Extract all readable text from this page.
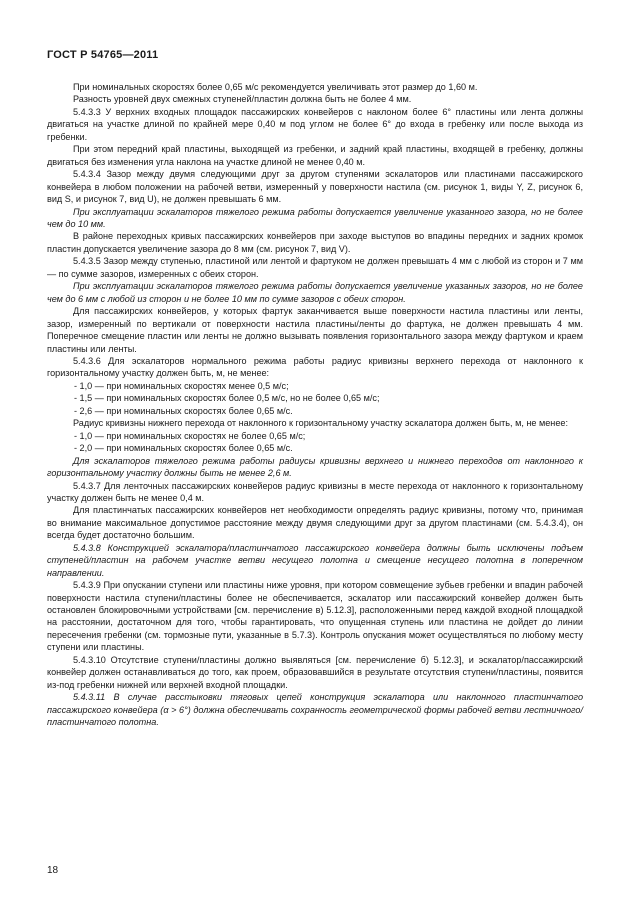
ГОСТ Р 54765—2011

При номинальных скоростях более 0,65 м/с рекомендуется увеличивать этот размер до 1,60 м.

Разность уровней двух смежных ступеней/пластин должна быть не более 4 мм.

5.4.3.3 У верхних входных площадок пассажирских конвейеров с наклоном более 6° пластины или лента должны двигаться на участке длиной по крайней мере 0,40 м под углом не более 6° до входа в гребенку или после выхода из гребенки.

При этом передний край пластины, выходящей из гребенки, и задний край пластины, входящей в гребенку, должны двигаться без изменения угла наклона на участке длиной не менее 0,40 м.

5.4.3.4 Зазор между двумя следующими друг за другом ступенями эскалаторов или пластинами пассажирского конвейера в любом положении на рабочей ветви, измеренный у поверхности настила (см. рисунок 1, виды Y, Z, рисунок 6, вид S, и рисунок 7, вид U), не должен превышать 6 мм.

При эксплуатации эскалаторов тяжелого режима работы допускается увеличение указанного зазора, но не более чем до 10 мм.

В районе переходных кривых пассажирских конвейеров при заходе выступов во впадины передних и задних кромок пластин допускается увеличение зазора до 8 мм (см. рисунок 7, вид V).

5.4.3.5 Зазор между ступенью, пластиной или лентой и фартуком не должен превышать 4 мм с любой из сторон и 7 мм — по сумме зазоров, измеренных с обеих сторон.

При эксплуатации эскалаторов тяжелого режима работы допускается увеличение указанных зазоров, но не более чем до 6 мм с любой из сторон и не более 10 мм по сумме зазоров с обеих сторон.

Для пассажирских конвейеров, у которых фартук заканчивается выше поверхности настила пластины или ленты, зазор, измеренный по вертикали от поверхности настила пластины/ленты до фартука, не должен превышать 4 мм. Поперечное смещение пластин или ленты не должно вызывать появления горизонтального зазора между фартуком и краем пластины или ленты.

5.4.3.6 Для эскалаторов нормального режима работы радиус кривизны верхнего перехода от наклонного к горизонтальному участку должен быть, м, не менее:

- 1,0 — при номинальных скоростях менее 0,5 м/с;

- 1,5 — при номинальных скоростях более 0,5 м/с, но не более 0,65 м/с;

- 2,6 — при номинальных скоростях более 0,65 м/с.

Радиус кривизны нижнего перехода от наклонного к горизонтальному участку эскалатора должен быть, м, не менее:

- 1,0 — при номинальных скоростях не более 0,65 м/с;

- 2,0 — при номинальных скоростях более 0,65 м/с.

Для эскалаторов тяжелого режима работы радиусы кривизны верхнего и нижнего переходов от наклонного к горизонтальному участку должны быть не менее 2,6 м.

5.4.3.7 Для ленточных пассажирских конвейеров радиус кривизны в месте перехода от наклонного к горизонтальному участку должен быть не менее 0,4 м.

Для пластинчатых пассажирских конвейеров нет необходимости определять радиус кривизны, потому что, принимая во внимание максимальное допустимое расстояние между двумя следующими друг за другом пластинами (см. 5.4.3.4), он всегда будет достаточно большим.

5.4.3.8 Конструкцией эскалатора/пластинчатого пассажирского конвейера должны быть исключены подъем ступеней/пластин на рабочем участке ветви несущего полотна и смещение несущего полотна в поперечном направлении.

5.4.3.9 При опускании ступени или пластины ниже уровня, при котором совмещение зубьев гребенки и впадин рабочей поверхности настила ступени/пластины более не обеспечивается, эскалатор или пассажирский конвейер должен быть остановлен блокировочными устройствами [см. перечисление в) 5.12.3], расположенными перед каждой входной площадкой на расстоянии, достаточном для того, чтобы гарантировать, что опущенная ступень или пластина не дойдет до линии пересечения гребенки (см. тормозные пути, указанные в 5.7.3). Контроль опускания может осуществляться по любому месту ступени или пластины.

5.4.3.10 Отсутствие ступени/пластины должно выявляться [см. перечисление б) 5.12.3], и эскалатор/пассажирский конвейер должен останавливаться до того, как проем, образовавшийся в результате отсутствия ступени/пластины, появится из-под гребенки нижней или верхней входной площадки.

5.4.3.11 В случае расстыковки тяговых цепей конструкция эскалатора или наклонного пластинчатого пассажирского конвейера (α > 6°) должна обеспечивать сохранность геометрической формы рабочей ветви лестничного/пластинчатого полотна.

18
